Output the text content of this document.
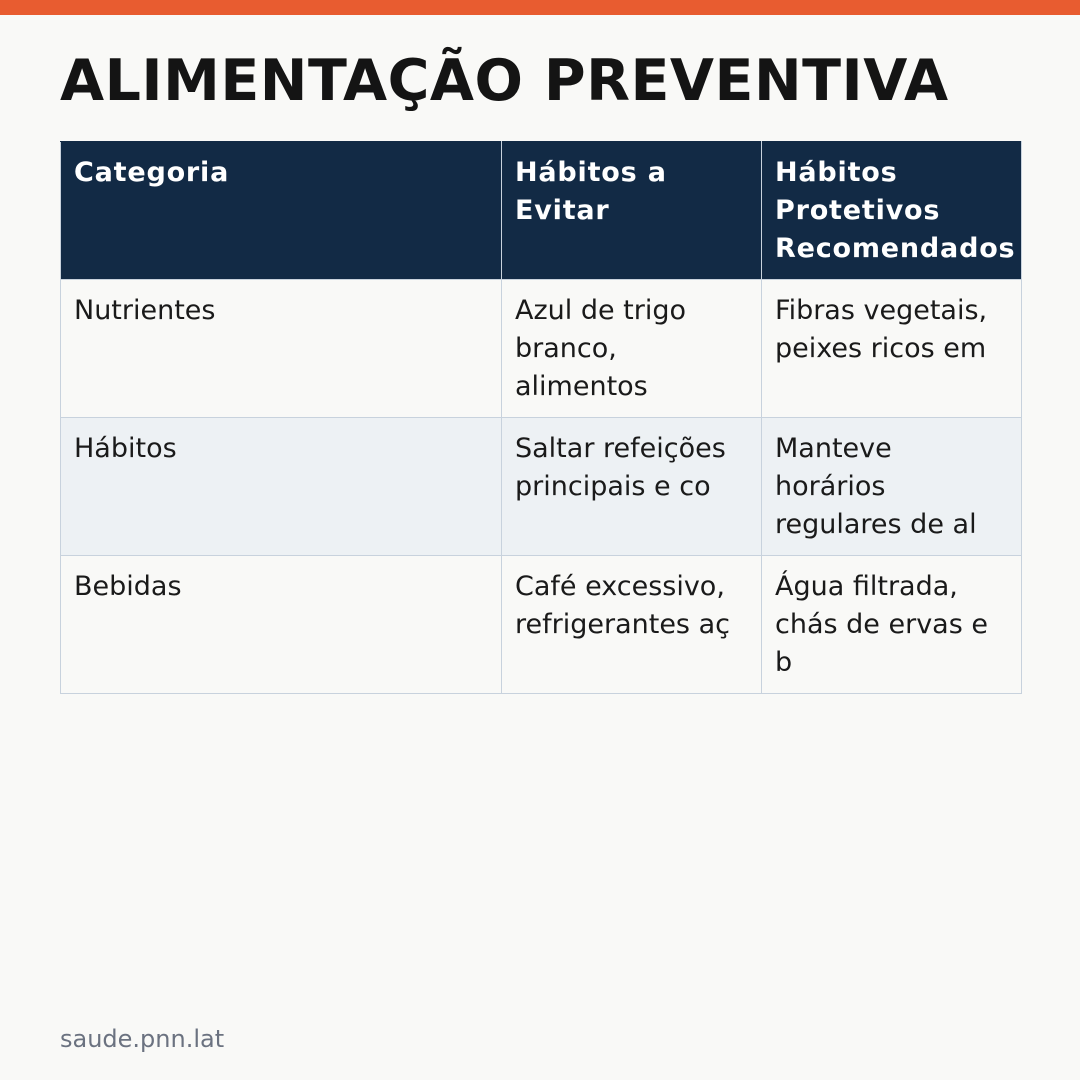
ALIMENTAÇÃO PREVENTIVA
Categoria	Hábitos a Evitar	Hábitos Protetivos Recomendados
Nutrientes	Azul de trigo branco, alimentos	Fibras vegetais, peixes ricos em
Hábitos	Saltar refeições principais e co	Manteve horários regulares de al
Bebidas	Café excessivo, refrigerantes aç	Água filtrada, chás de ervas e b
saude.pnn.lat
